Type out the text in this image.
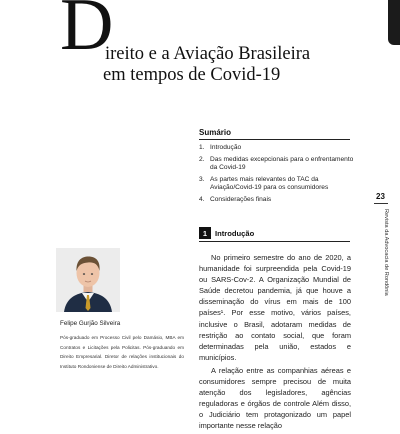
D
ireito e a Aviação Brasileira
em tempos de Covid-19
Sumário
1. Introdução
2. Das medidas excepcionais para o enfrentamento da Covid-19
3. As partes mais relevantes do TAC da Aviação/Covid-19 para os consumidores
4. Considerações finais	23
Revista da Advocacia de Rondônia
1	Introdução

No primeiro semestre do ano de 2020, a humanidade foi surpreendida pela Covid-19 ou SARS-Cov-2. A Organização Mundial de Saúde decretou pandemia, já que houve a disseminação do vírus em mais de 100 países¹. Por esse motivo, vários países, inclusive o Brasil, adotaram medidas de restrição ao contato social, que foram determinadas pela união, estados e municípios.

A relação entre as companhias aéreas e consumidores sempre precisou de muita atenção dos legisladores, agências reguladoras e órgãos de controle Além disso, o Judiciário tem protagonizado um papel importante nesse relação

Felipe Gurjão Silveira
Pós-graduado em Processo Civil pelo Damásio, MBA em Contratos e Licitações pela Policitas. Pós-graduando em Direito Empresarial. Diretor de relações institucionais do Instituto Rondoniense de Direito Administrativo.
